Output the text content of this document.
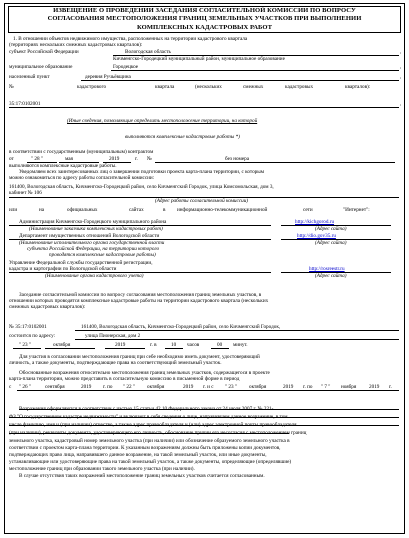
ИЗВЕЩЕНИЕ О ПРОВЕДЕНИИ ЗАСЕДАНИЯ СОГЛАСИТЕЛЬНОЙ КОМИССИИ ПО ВОПРОСУ
СОГЛАСОВАНИЯ МЕСТОПОЛОЖЕНИЯ ГРАНИЦ ЗЕМЕЛЬНЫХ УЧАСТКОВ ПРИ ВЫПОЛНЕНИИ
КОМПЛЕКСНЫХ КАДАСТРОВЫХ РАБОТ
1. В отношении объектов недвижимого имущества, расположенных на территории кадастрового квартала
(территориях нескольких смежных кадастровых кварталов):
субъект Российской Федерации	Вологодская область	,
Кичменгско-Городецкий муниципальный район, муниципальное образование
муниципальное образование	Городецкое	,
населенный пункт	деревня Ручьёвщина	,
№	кадастрового	квартала	(нескольких	смежных	кадастровых	кварталов):
35:17:0102001	,
(Иные сведения, позволяющие определить местоположение территории, на которой
выполняются комплексные кадастровые работы *)
в соответствии с государственным (муниципальным) контрактом
от	" 28 "	мая	2019	г. №	без номера
выполняются комплексные кадастровые работы.
Уведомляем всех заинтересованных лиц о завершении подготовки проекта карта-плана территории, с которым
можно ознакомиться по адресу работы согласительной комиссии:
161400, Вологодская область, Кичменгско-Городецкий район, село Кичменгский Городок, улица Комсомольская, дом 3,
кабинет № 106
(Адрес работы согласительной комиссии)
или	на	официальных	сайтах	в информационно-телекоммуникационной	сети	"Интернет":
Администрация Кичменгско-Городецкого муниципального района	http://kichgorod.ru
(Наименование заказчика комплексных кадастровых работ)	(Адрес сайта)
Департамент имущественных отношений Вологодской области	http://dio.gov35.ru
(Наименование исполнительного органа государственной власти	(Адрес сайта)
субъекта Российской Федерации, на территории которого
проводятся комплексные кадастровые работы)
Управление Федеральной службы государственной регистрации,
кадастра и картографии по Вологодской области	http://rosreestr.ru
(Наименование органа кадастрового учета)	(Адрес сайта)
Заседание согласительной комиссии по вопросу согласования местоположения границ земельных участков, в
отношении которых проводятся комплексные кадастровые работы на территории кадастрового квартала (нескольких
смежных кадастровых кварталов):
№ 35:17:0102001	161400, Вологодская область, Кичменгско-Городецкий район, село Кичменгский Городок,
состоится по адресу:	улица Пионерская, дом 2
" 23 "	октября	2019	г. в	10 часов	00 минут.
Для участия в согласовании местоположения границ при себе необходимо иметь документ, удостоверяющий
личность, а также документы, подтверждающие права на соответствующий земельный участок.
Обоснованные возражения относительно местоположения границ земельных участков, содержащегося в проекте
карта-плана территории, можно представить в согласительную комиссию в письменной форме в период
с " 26 "	сентября	2019 г. по " 22 " октября	2019 г. и с " 23 " октября	2019 г. по " 7 " ноября 2019 г.
Возражения оформляются в соответствии с частью 15 статьи 42.10 Федерального закона от 24 июля 2007 г. № 221-
ФЗ "О государственном кадастре недвижимости" и включают в себя сведения о лице, направившем данное возражение, в том
числе фамилию, имя и (при наличии) отчество, а также адрес правообладателя и (или) адрес электронной почты правообладателя
(при наличии), реквизиты документа, удостоверяющего его личность, обоснование причин его несогласия с местоположением границ
земельного участка, кадастровый номер земельного участка (при наличии) или обозначение образуемого земельного участка в
соответствии с проектом карта-плана территории. К указанным возражениям должны быть приложены копии документов,
подтверждающих право лица, направившего данное возражение, на такой земельный участок, или иные документы,
устанавливающие или удостоверяющие права на такой земельный участок, а также документы, определяющие (определявшие)
местоположение границ при образовании такого земельного участка (при наличии).
В случае отсутствия таких возражений местоположение границ земельных участков считается согласованным.
